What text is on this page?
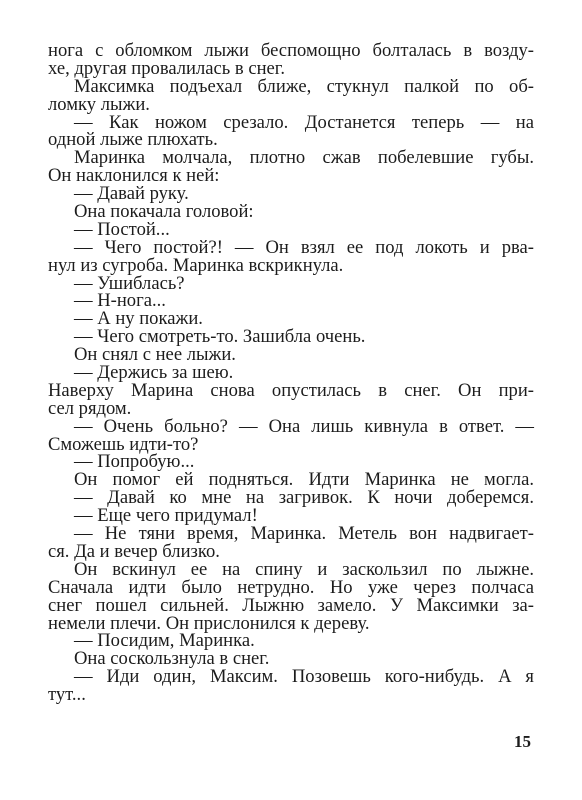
нога с обломком лыжи беспомощно болталась в возду-
хе, другая провалилась в снег.
Максимка подъехал ближе, стукнул палкой по об-
ломку лыжи.
— Как ножом срезало. Достанется теперь — на
одной лыже плюхать.
Маринка молчала, плотно сжав побелевшие губы.
Он наклонился к ней:
— Давай руку.
Она покачала головой:
— Постой...
— Чего постой?! — Он взял ее под локоть и рва-
нул из сугроба. Маринка вскрикнула.
— Ушиблась?
— Н-нога...
— А ну покажи.
— Чего смотреть-то. Зашибла очень.
Он снял с нее лыжи.
— Держись за шею.
Наверху Марина снова опустилась в снег. Он при-
сел рядом.
— Очень больно? — Она лишь кивнула в ответ. —
Сможешь идти-то?
— Попробую...
Он помог ей подняться. Идти Маринка не могла.
— Давай ко мне на загривок. К ночи доберемся.
— Еще чего придумал!
— Не тяни время, Маринка. Метель вон надвигает-
ся. Да и вечер близко.
Он вскинул ее на спину и заскользил по лыжне.
Сначала идти было нетрудно. Но уже через полчаса
снег пошел сильней. Лыжню замело. У Максимки за-
немели плечи. Он прислонился к дереву.
— Посидим, Маринка.
Она соскользнула в снег.
— Иди один, Максим. Позовешь кого-нибудь. А я
тут...
15
